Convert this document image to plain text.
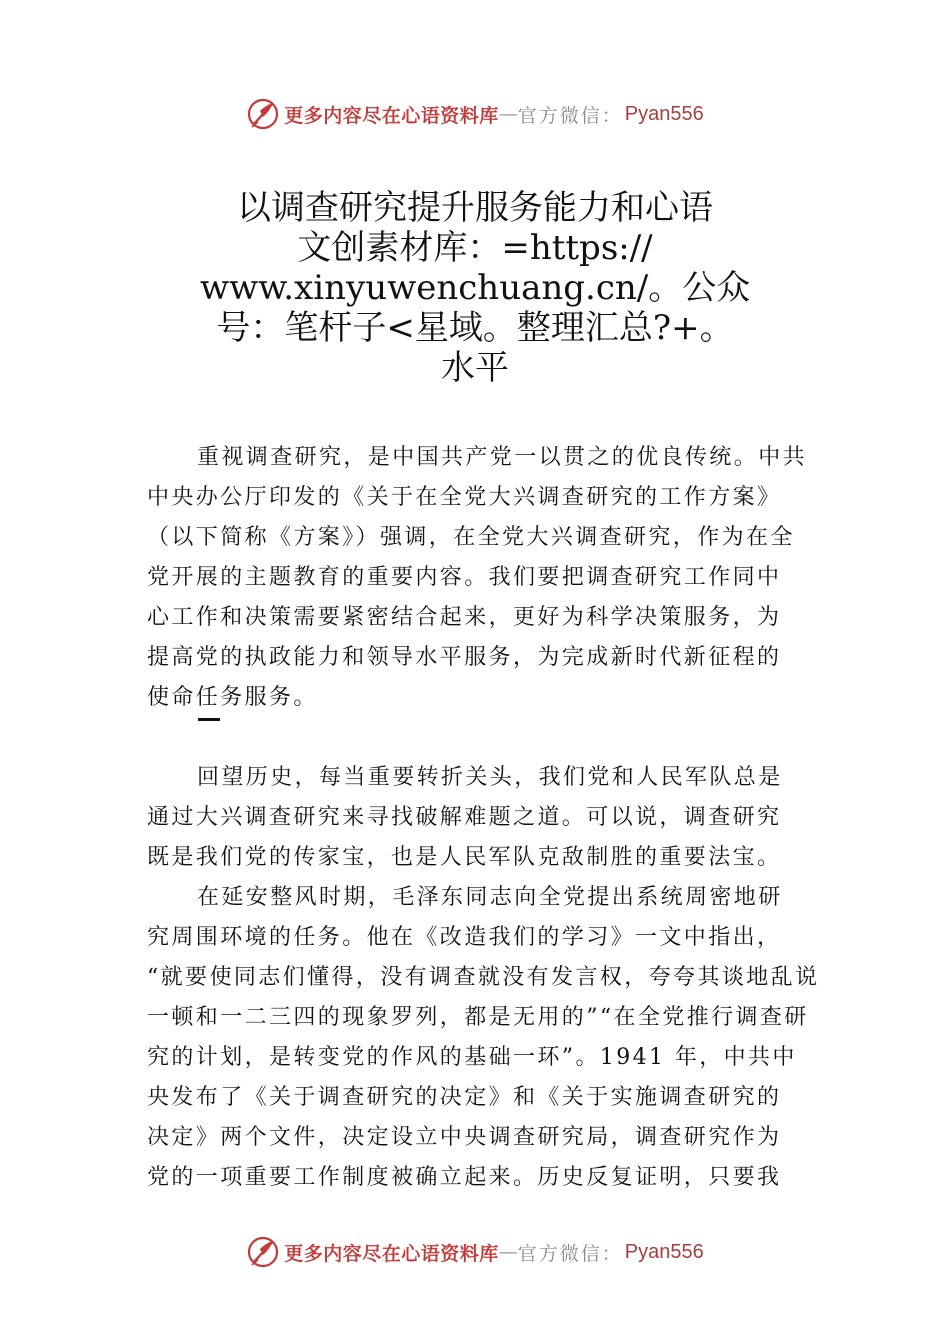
更多内容尽在心语资料库 — 官方微信： Pyan556
以调查研究提升服务能力和心语
文创素材库：=https://
www.xinyuwenchuang.cn/。公众
号：笔杆子<星域。整理汇总?+。
水平
重视调查研究，是中国共产党一以贯之的优良传统。中共
中央办公厅印发的《关于在全党大兴调查研究的工作方案》
（以下简称《方案》）强调，在全党大兴调查研究，作为在全
党开展的主题教育的重要内容。我们要把调查研究工作同中
心工作和决策需要紧密结合起来，更好为科学决策服务，为
提高党的执政能力和领导水平服务，为完成新时代新征程的
使命任务服务。
回望历史，每当重要转折关头，我们党和人民军队总是
通过大兴调查研究来寻找破解难题之道。可以说，调查研究
既是我们党的传家宝，也是人民军队克敌制胜的重要法宝。
在延安整风时期，毛泽东同志向全党提出系统周密地研
究周围环境的任务。他在《改造我们的学习》一文中指出，
“就要使同志们懂得，没有调查就没有发言权，夸夸其谈地乱说
一顿和一二三四的现象罗列，都是无用的”“在全党推行调查研
究的计划，是转变党的作风的基础一环”。1941 年，中共中
央发布了《关于调查研究的决定》和《关于实施调查研究的
决定》两个文件，决定设立中央调查研究局，调查研究作为
党的一项重要工作制度被确立起来。历史反复证明，只要我
更多内容尽在心语资料库 — 官方微信： Pyan556
